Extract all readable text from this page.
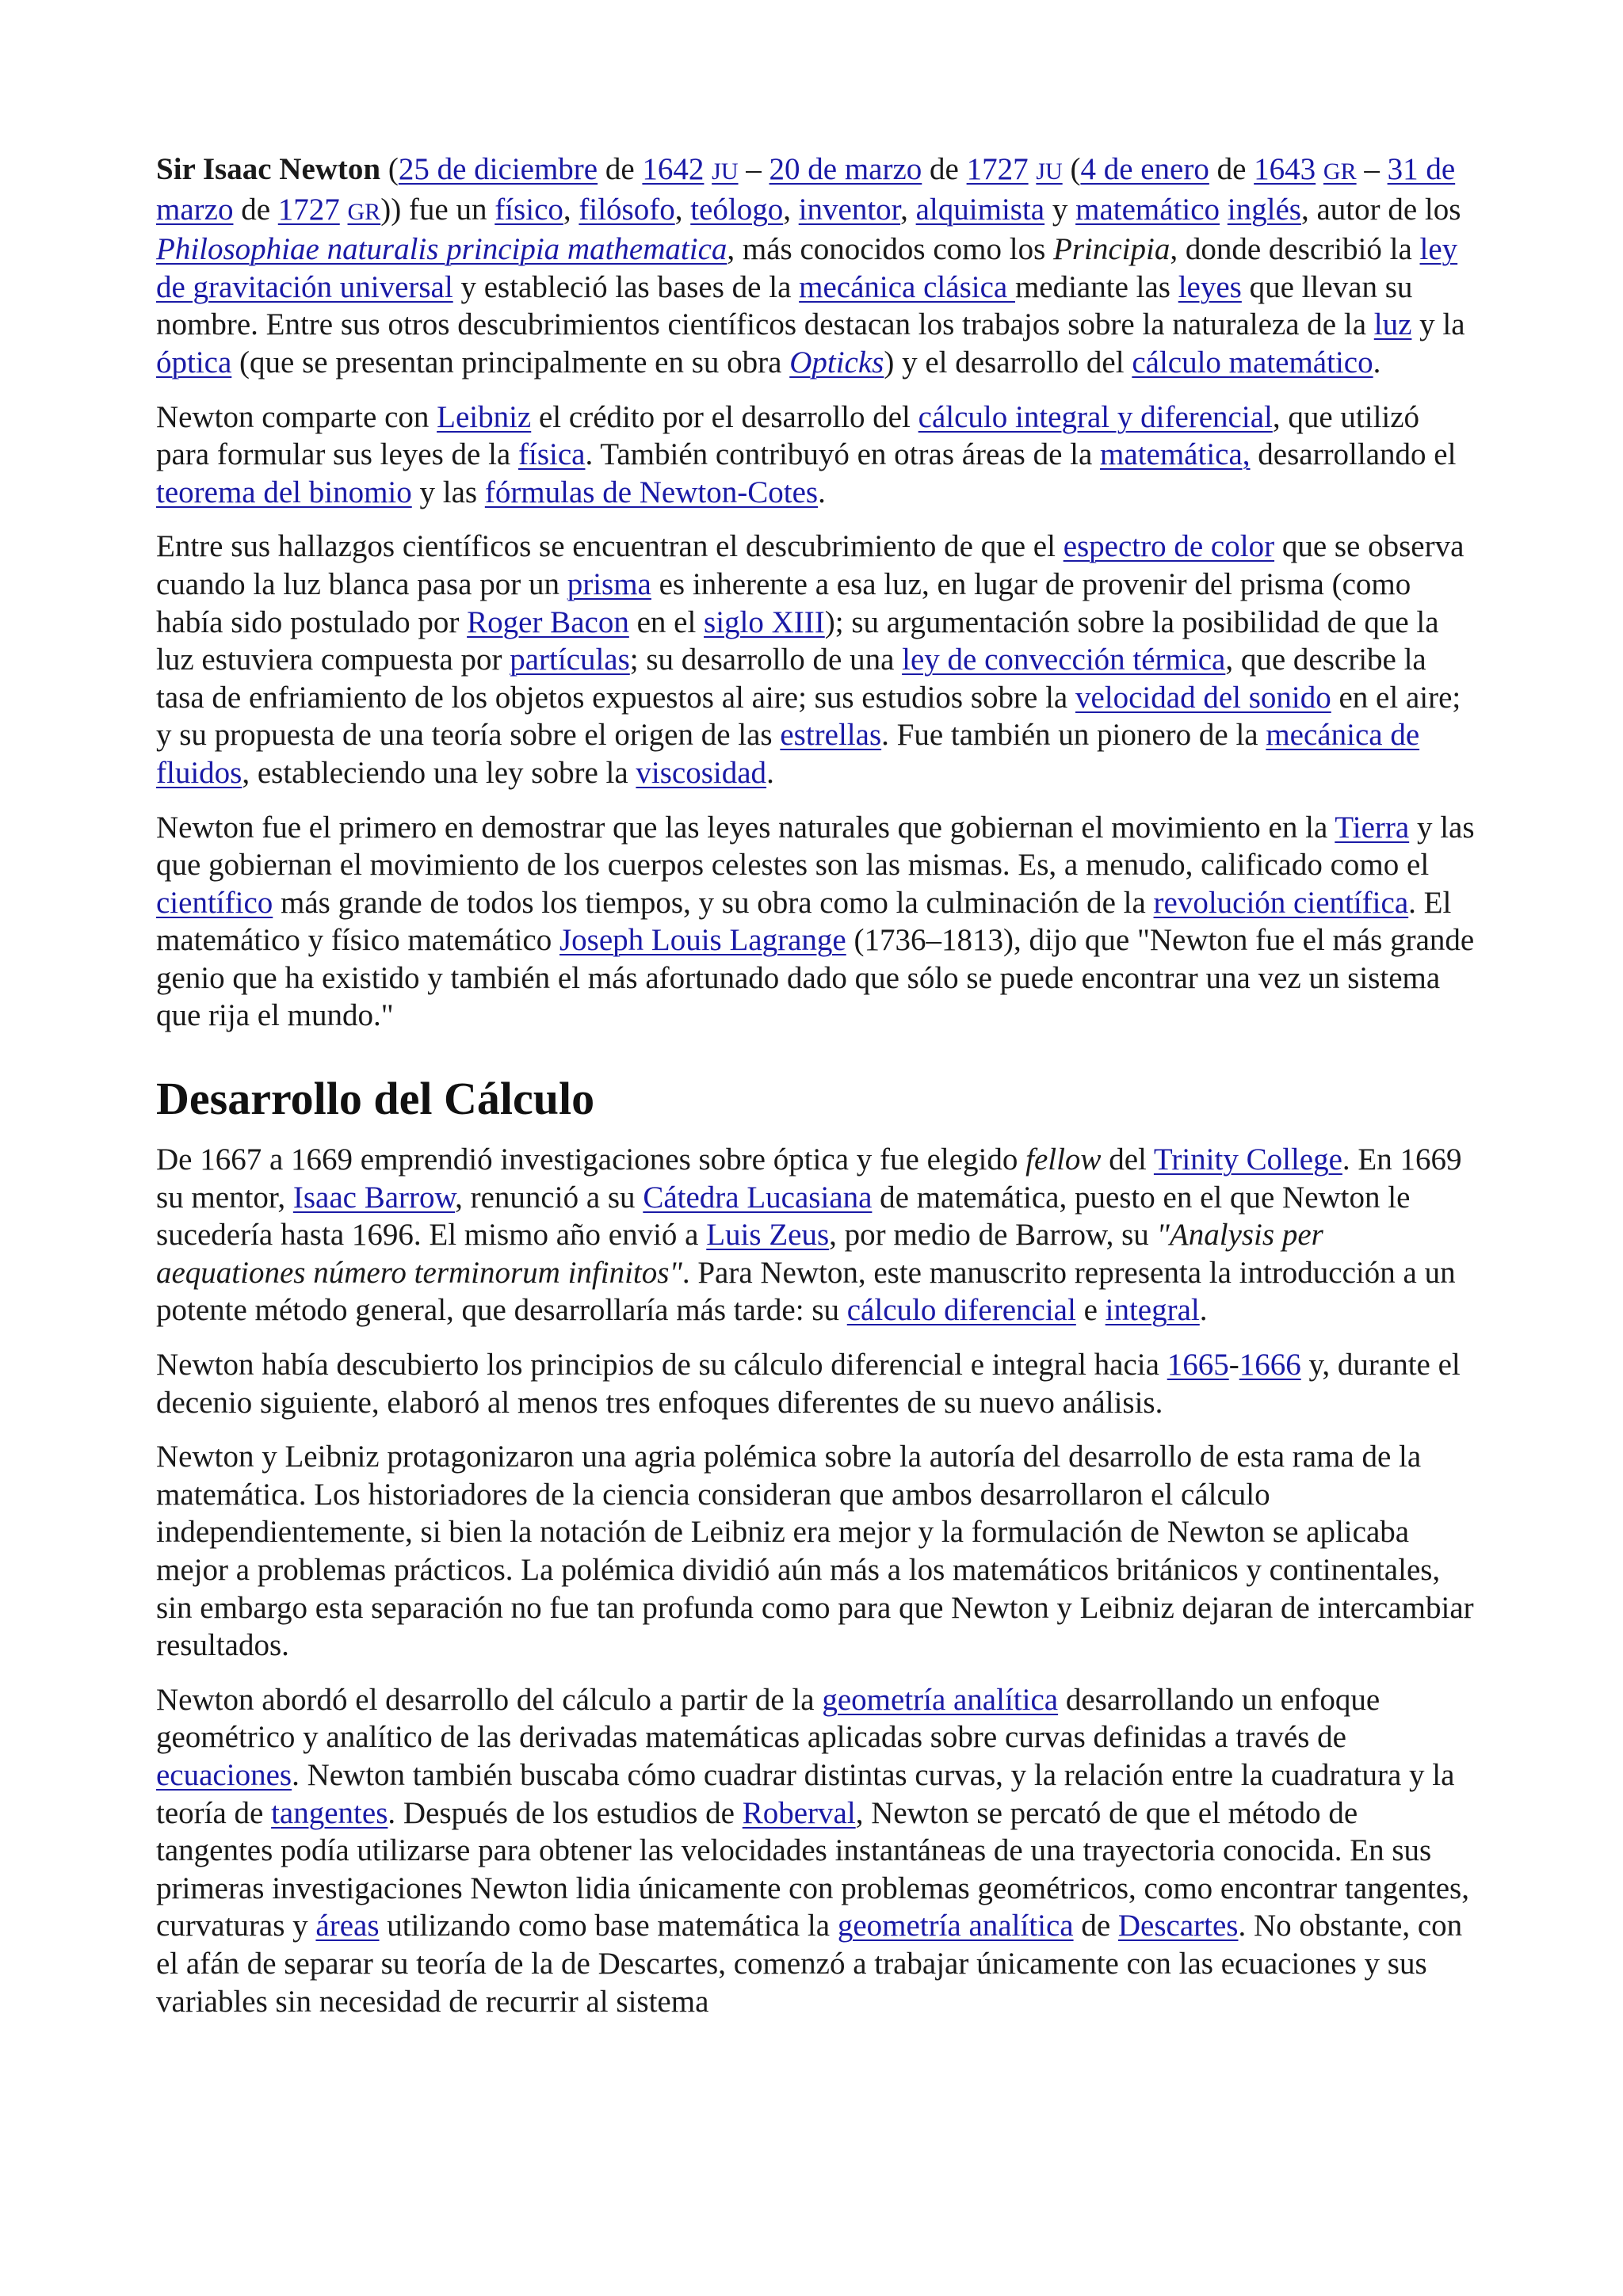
Sir Isaac Newton (25 de diciembre de 1642 JU – 20 de marzo de 1727 JU (4 de enero de 1643 GR – 31 de marzo de 1727 GR)) fue un físico, filósofo, teólogo, inventor, alquimista y matemático inglés, autor de los Philosophiae naturalis principia mathematica, más conocidos como los Principia, donde describió la ley de gravitación universal y estableció las bases de la mecánica clásica mediante las leyes que llevan su nombre. Entre sus otros descubrimientos científicos destacan los trabajos sobre la naturaleza de la luz y la óptica (que se presentan principalmente en su obra Opticks) y el desarrollo del cálculo matemático.

Newton comparte con Leibniz el crédito por el desarrollo del cálculo integral y diferencial, que utilizó para formular sus leyes de la física. También contribuyó en otras áreas de la matemática, desarrollando el teorema del binomio y las fórmulas de Newton-Cotes.

Entre sus hallazgos científicos se encuentran el descubrimiento de que el espectro de color que se observa cuando la luz blanca pasa por un prisma es inherente a esa luz, en lugar de provenir del prisma (como había sido postulado por Roger Bacon en el siglo XIII); su argumentación sobre la posibilidad de que la luz estuviera compuesta por partículas; su desarrollo de una ley de convección térmica, que describe la tasa de enfriamiento de los objetos expuestos al aire; sus estudios sobre la velocidad del sonido en el aire; y su propuesta de una teoría sobre el origen de las estrellas. Fue también un pionero de la mecánica de fluidos, estableciendo una ley sobre la viscosidad.

Newton fue el primero en demostrar que las leyes naturales que gobiernan el movimiento en la Tierra y las que gobiernan el movimiento de los cuerpos celestes son las mismas. Es, a menudo, calificado como el científico más grande de todos los tiempos, y su obra como la culminación de la revolución científica. El matemático y físico matemático Joseph Louis Lagrange (1736–1813), dijo que "Newton fue el más grande genio que ha existido y también el más afortunado dado que sólo se puede encontrar una vez un sistema que rija el mundo."

Desarrollo del Cálculo

De 1667 a 1669 emprendió investigaciones sobre óptica y fue elegido fellow del Trinity College. En 1669 su mentor, Isaac Barrow, renunció a su Cátedra Lucasiana de matemática, puesto en el que Newton le sucedería hasta 1696. El mismo año envió a Luis Zeus, por medio de Barrow, su "Analysis per aequationes número terminorum infinitos". Para Newton, este manuscrito representa la introducción a un potente método general, que desarrollaría más tarde: su cálculo diferencial e integral.

Newton había descubierto los principios de su cálculo diferencial e integral hacia 1665-1666 y, durante el decenio siguiente, elaboró al menos tres enfoques diferentes de su nuevo análisis.

Newton y Leibniz protagonizaron una agria polémica sobre la autoría del desarrollo de esta rama de la matemática. Los historiadores de la ciencia consideran que ambos desarrollaron el cálculo independientemente, si bien la notación de Leibniz era mejor y la formulación de Newton se aplicaba mejor a problemas prácticos. La polémica dividió aún más a los matemáticos británicos y continentales, sin embargo esta separación no fue tan profunda como para que Newton y Leibniz dejaran de intercambiar resultados.

Newton abordó el desarrollo del cálculo a partir de la geometría analítica desarrollando un enfoque geométrico y analítico de las derivadas matemáticas aplicadas sobre curvas definidas a través de ecuaciones. Newton también buscaba cómo cuadrar distintas curvas, y la relación entre la cuadratura y la teoría de tangentes. Después de los estudios de Roberval, Newton se percató de que el método de tangentes podía utilizarse para obtener las velocidades instantáneas de una trayectoria conocida. En sus primeras investigaciones Newton lidia únicamente con problemas geométricos, como encontrar tangentes, curvaturas y áreas utilizando como base matemática la geometría analítica de Descartes. No obstante, con el afán de separar su teoría de la de Descartes, comenzó a trabajar únicamente con las ecuaciones y sus variables sin necesidad de recurrir al sistema
